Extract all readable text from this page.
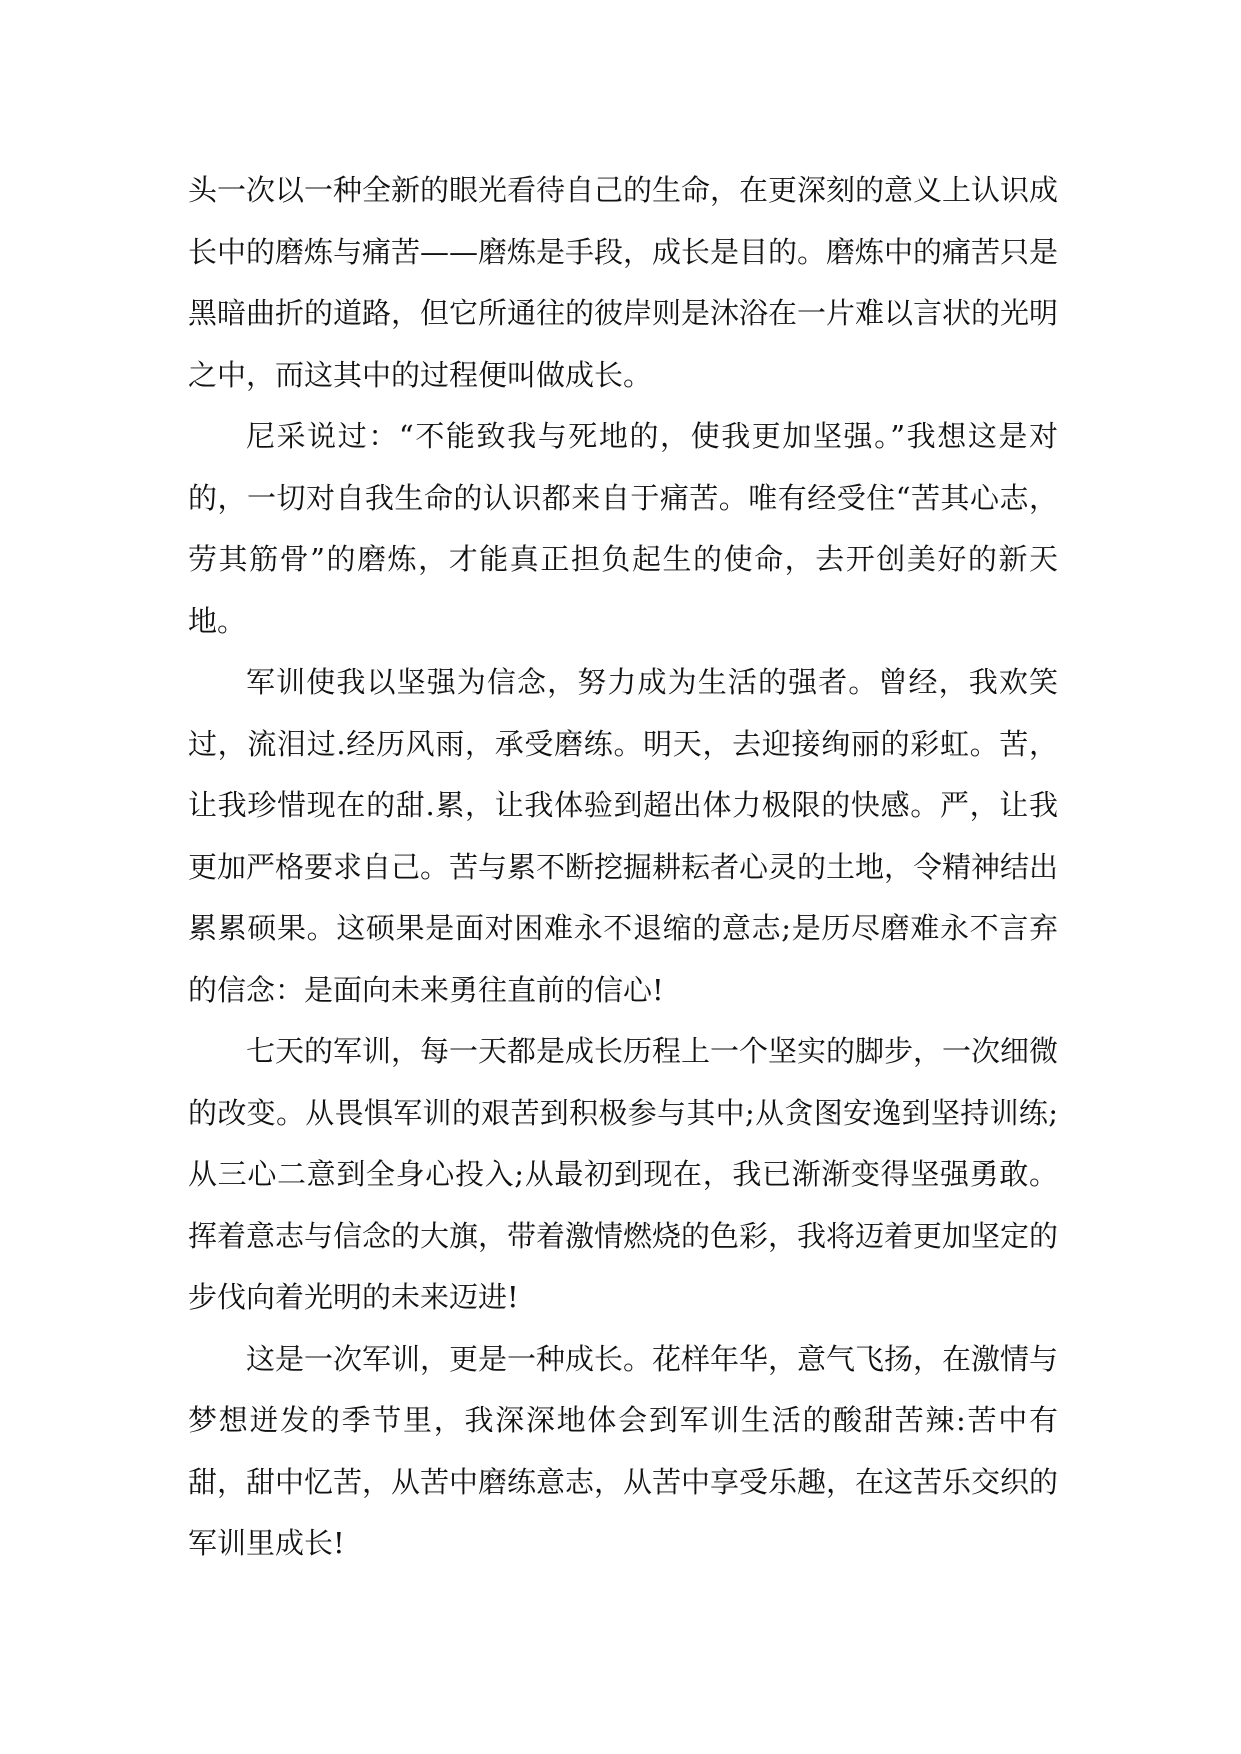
头一次以一种全新的眼光看待自己的生命，在更深刻的意义上认识成长中的磨炼与痛苦——磨炼是手段，成长是目的。磨炼中的痛苦只是黑暗曲折的道路，但它所通往的彼岸则是沐浴在一片难以言状的光明之中，而这其中的过程便叫做成长。

尼采说过：“不能致我与死地的，使我更加坚强。”我想这是对的，一切对自我生命的认识都来自于痛苦。唯有经受住“苦其心志，劳其筋骨”的磨炼，才能真正担负起生的使命，去开创美好的新天地。

军训使我以坚强为信念，努力成为生活的强者。曾经，我欢笑过，流泪过.经历风雨，承受磨练。明天，去迎接绚丽的彩虹。苦，让我珍惜现在的甜.累，让我体验到超出体力极限的快感。严，让我更加严格要求自己。苦与累不断挖掘耕耘者心灵的土地，令精神结出累累硕果。这硕果是面对困难永不退缩的意志;是历尽磨难永不言弃的信念：是面向未来勇往直前的信心!

七天的军训，每一天都是成长历程上一个坚实的脚步，一次细微的改变。从畏惧军训的艰苦到积极参与其中;从贪图安逸到坚持训练;从三心二意到全身心投入;从最初到现在，我已渐渐变得坚强勇敢。挥着意志与信念的大旗，带着激情燃烧的色彩，我将迈着更加坚定的步伐向着光明的未来迈进!

这是一次军训，更是一种成长。花样年华，意气飞扬，在激情与梦想迸发的季节里，我深深地体会到军训生活的酸甜苦辣:苦中有甜，甜中忆苦，从苦中磨练意志，从苦中享受乐趣，在这苦乐交织的军训里成长!
